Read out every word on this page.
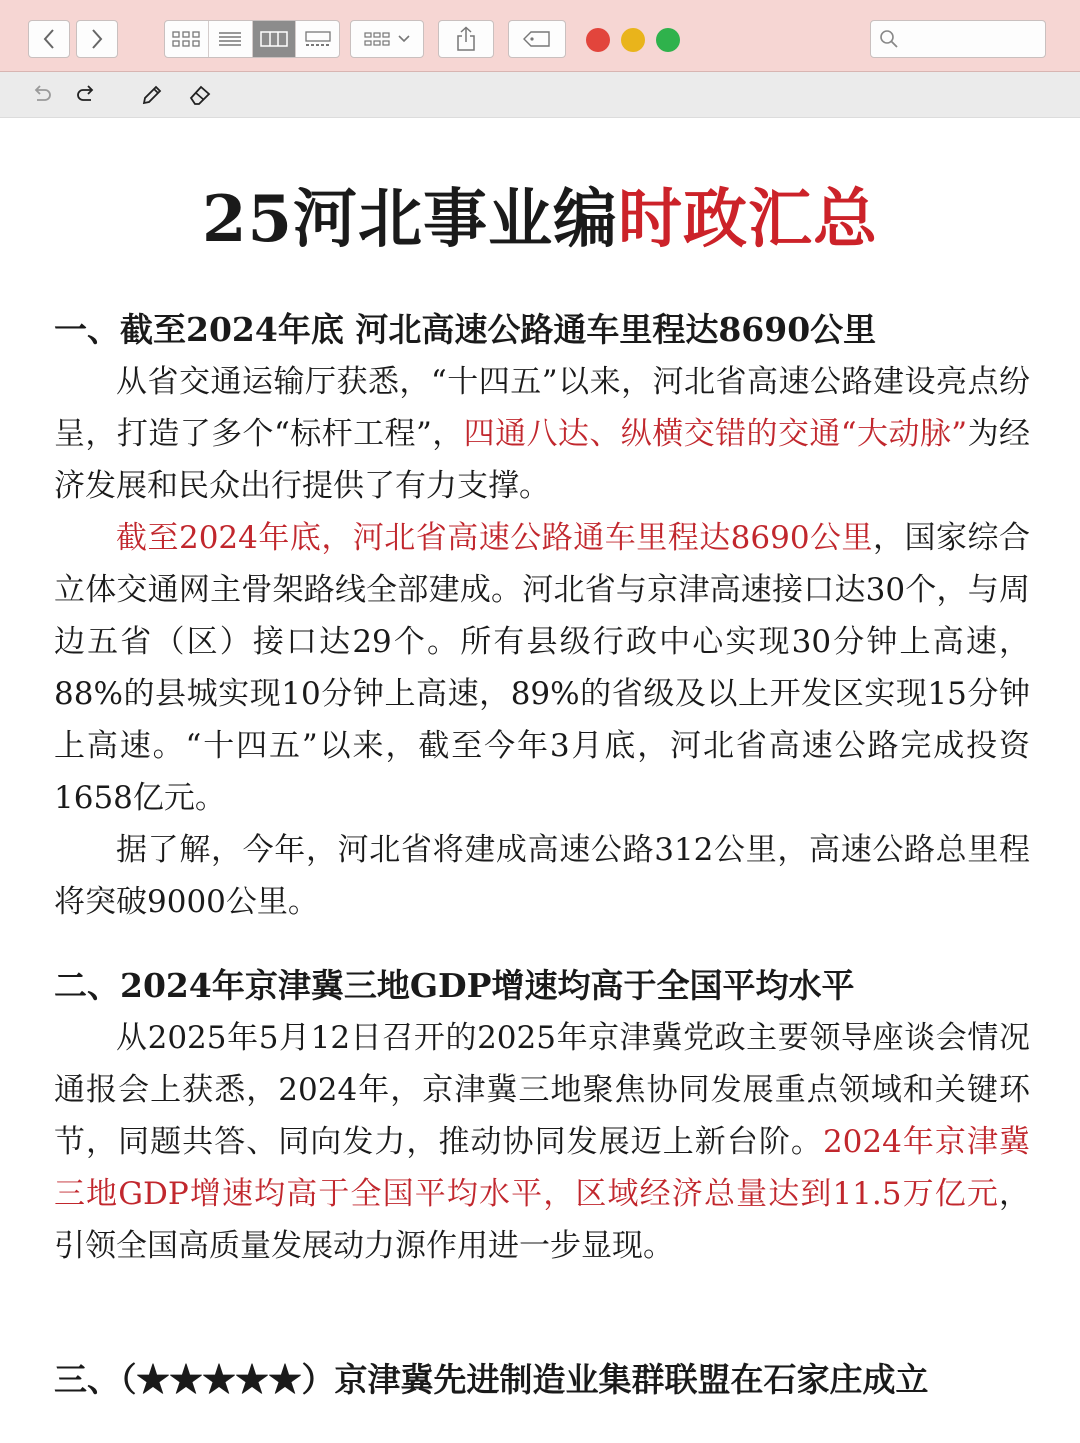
25河北事业编时政汇总
一、截至2024年底 河北高速公路通车里程达8690公里

从省交通运输厅获悉，“十四五”以来，河北省高速公路建设亮点纷呈，打造了多个“标杆工程”，四通八达、纵横交错的交通“大动脉”为经济发展和民众出行提供了有力支撑。

截至2024年底，河北省高速公路通车里程达8690公里，国家综合立体交通网主骨架路线全部建成。河北省与京津高速接口达30个，与周边五省（区）接口达29个。所有县级行政中心实现30分钟上高速，88%的县城实现10分钟上高速，89%的省级及以上开发区实现15分钟上高速。“十四五”以来，截至今年3月底，河北省高速公路完成投资1658亿元。

据了解，今年，河北省将建成高速公路312公里，高速公路总里程将突破9000公里。

二、2024年京津冀三地GDP增速均高于全国平均水平

从2025年5月12日召开的2025年京津冀党政主要领导座谈会情况通报会上获悉，2024年，京津冀三地聚焦协同发展重点领域和关键环节，同题共答、同向发力，推动协同发展迈上新台阶。2024年京津冀三地GDP增速均高于全国平均水平，区域经济总量达到11.5万亿元，引领全国高质量发展动力源作用进一步显现。

三、（★★★★★）京津冀先进制造业集群联盟在石家庄成立
